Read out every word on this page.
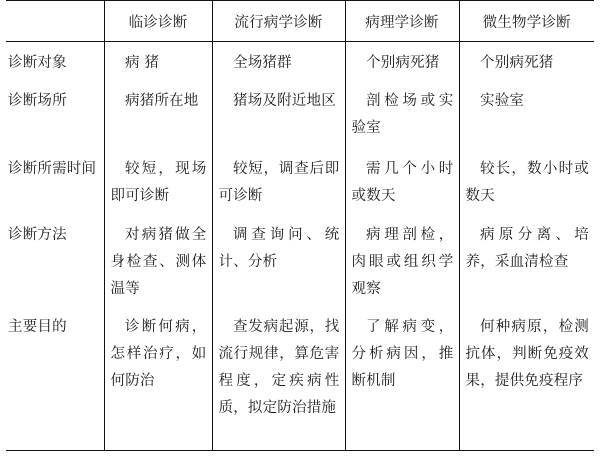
	临诊诊断	流行病学诊断	病理学诊断	微生物学诊断
诊断对象	病 猪	全场猪群	个别病死猪	个别病死猪
诊断场所	病猪所在地	猪场及附近地区	剖检场或实验室	实验室
诊断所需时间	较短，现场即可诊断	较短，调查后即可诊断	需几个小时或数天	较长，数小时或数天
诊断方法	对病猪做全身检查、测体温等	调查询问、统计、分析	病理剖检，肉眼或组织学观察	病原分离、培养，采血清检查
主要目的	诊断何病，怎样治疗，如何防治	查发病起源，找流行规律，算危害程度，定疾病性质，拟定防治措施	了解病变，分析病因，推断机制	何种病原，检测抗体，判断免疫效果，提供免疫程序
